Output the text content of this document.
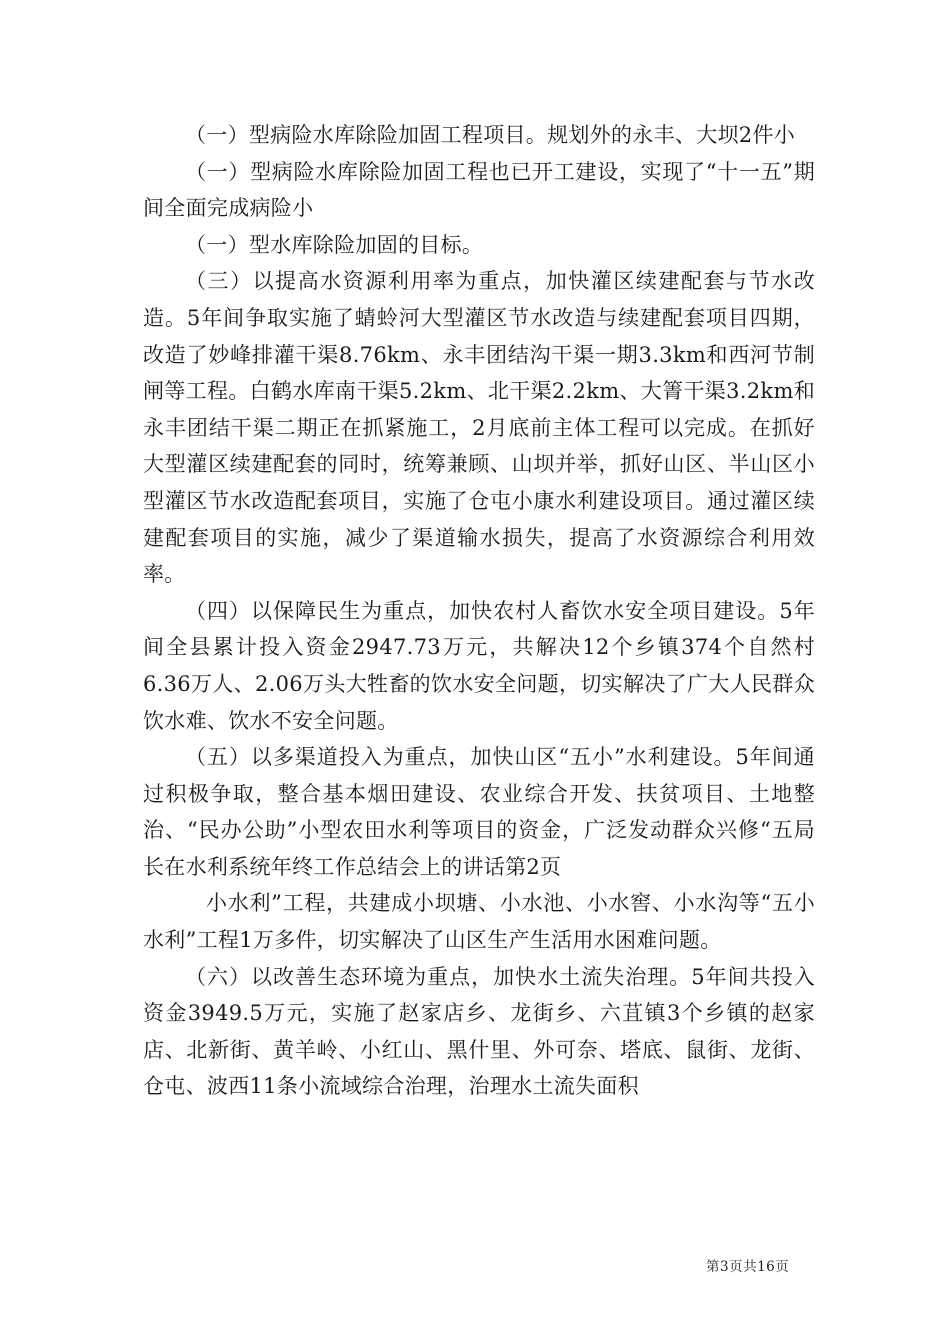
（一）型病险水库除险加固工程项目。规划外的永丰、大坝2件小

（一）型病险水库除险加固工程也已开工建设，实现了“十一五”期间全面完成病险小

（一）型水库除险加固的目标。

（三）以提高水资源利用率为重点，加快灌区续建配套与节水改造。5年间争取实施了蜻蛉河大型灌区节水改造与续建配套项目四期，改造了妙峰排灌干渠8.76km、永丰团结沟干渠一期3.3km和西河节制闸等工程。白鹤水库南干渠5.2km、北干渠2.2km、大箐干渠3.2km和永丰团结干渠二期正在抓紧施工，2月底前主体工程可以完成。在抓好大型灌区续建配套的同时，统筹兼顾、山坝并举，抓好山区、半山区小型灌区节水改造配套项目，实施了仓屯小康水利建设项目。通过灌区续建配套项目的实施，减少了渠道输水损失，提高了水资源综合利用效率。

（四）以保障民生为重点，加快农村人畜饮水安全项目建设。5年间全县累计投入资金2947.73万元，共解决12个乡镇374个自然村6.36万人、2.06万头大牲畜的饮水安全问题，切实解决了广大人民群众饮水难、饮水不安全问题。

（五）以多渠道投入为重点，加快山区“五小”水利建设。5年间通过积极争取，整合基本烟田建设、农业综合开发、扶贫项目、土地整治、“民办公助”小型农田水利等项目的资金，广泛发动群众兴修“五局长在水利系统年终工作总结会上的讲话第2页

小水利”工程，共建成小坝塘、小水池、小水窖、小水沟等“五小水利”工程1万多件，切实解决了山区生产生活用水困难问题。

（六）以改善生态环境为重点，加快水土流失治理。5年间共投入资金3949.5万元，实施了赵家店乡、龙街乡、六苴镇3个乡镇的赵家店、北新街、黄羊岭、小红山、黑什里、外可奈、塔底、鼠街、龙街、仓屯、波西11条小流域综合治理，治理水土流失面积

第3页共16页
